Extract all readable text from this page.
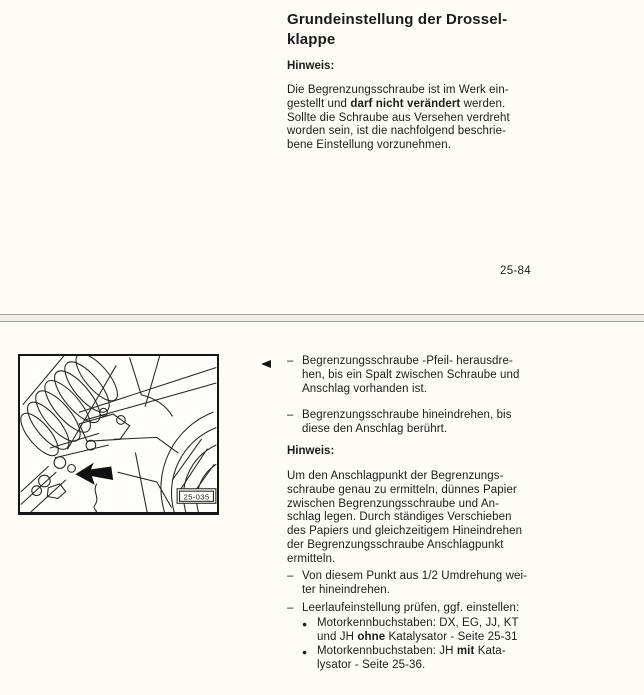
Grundeinstellung der Drossel-
klappe
Hinweis:
Die Begrenzungsschraube ist im Werk ein-
gestellt und darf nicht verändert werden.
Sollte die Schraube aus Versehen verdreht
worden sein, ist die nachfolgend beschrie-
bene Einstellung vorzunehmen.
25-84
25-035
– Begrenzungsschraube -Pfeil- herausdre-
hen, bis ein Spalt zwischen Schraube und
Anschlag vorhanden ist.
– Begrenzungsschraube hineindrehen, bis
diese den Anschlag berührt.
Hinweis:
Um den Anschlagpunkt der Begrenzungs-
schraube genau zu ermitteln, dünnes Papier
zwischen Begrenzungsschraube und An-
schlag legen. Durch ständiges Verschieben
des Papiers und gleichzeitigem Hineindrehen
der Begrenzungsschraube Anschlagpunkt
ermitteln.
– Von diesem Punkt aus 1/2 Umdrehung wei-
ter hineindrehen.
– Leerlaufeinstellung prüfen, ggf. einstellen:
● Motorkennbuchstaben: DX, EG, JJ, KT
und JH ohne Katalysator - Seite 25-31
● Motorkennbuchstaben: JH mit Kata-
lysator - Seite 25-36.
